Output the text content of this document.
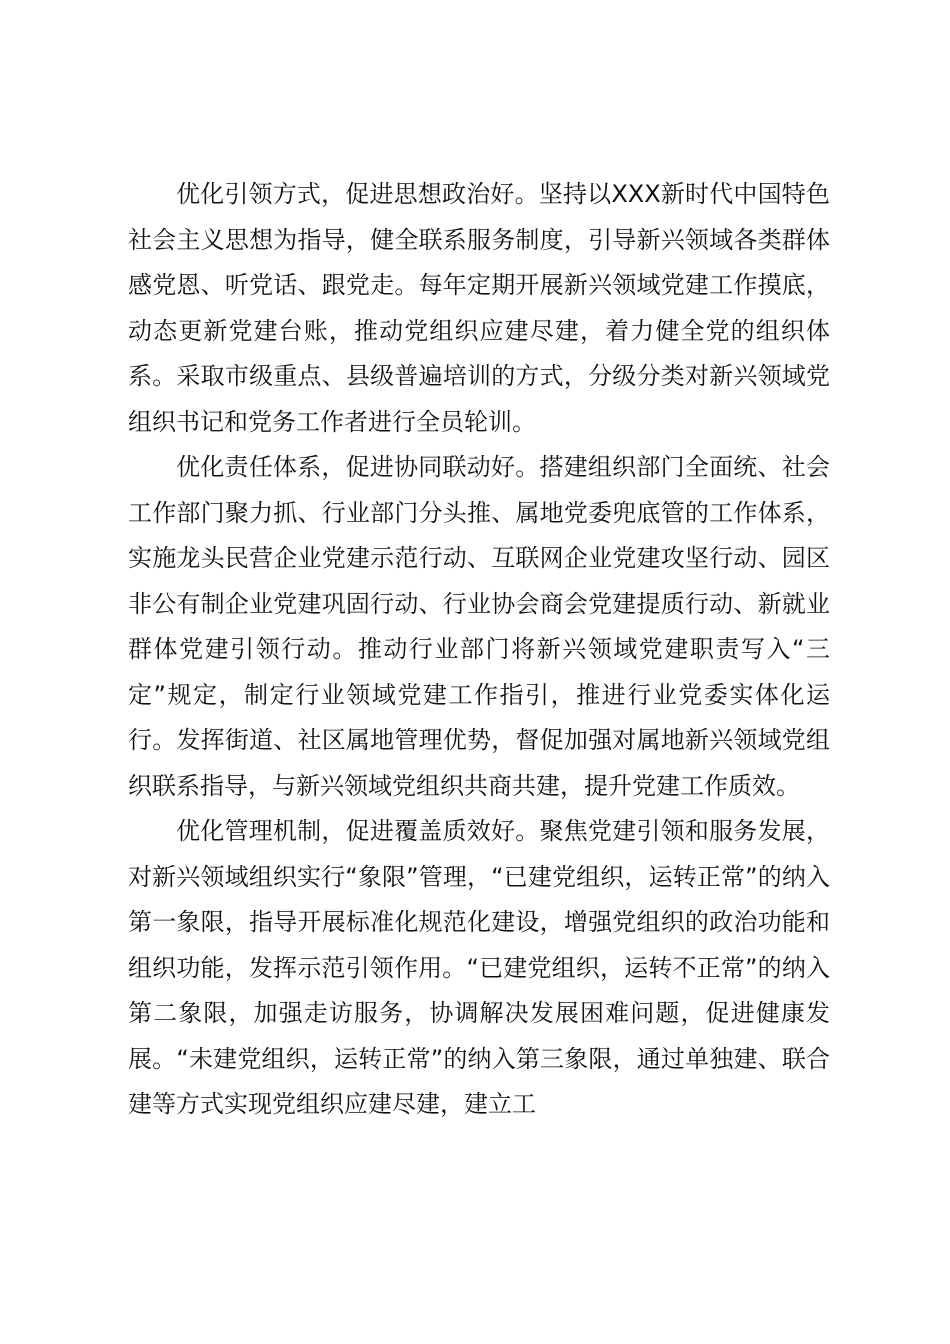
优化引领方式，促进思想政治好。坚持以XXX新时代中国特色社会主义思想为指导，健全联系服务制度，引导新兴领域各类群体感党恩、听党话、跟党走。每年定期开展新兴领域党建工作摸底，动态更新党建台账，推动党组织应建尽建，着力健全党的组织体系。采取市级重点、县级普遍培训的方式，分级分类对新兴领域党组织书记和党务工作者进行全员轮训。

优化责任体系，促进协同联动好。搭建组织部门全面统、社会工作部门聚力抓、行业部门分头推、属地党委兜底管的工作体系，实施龙头民营企业党建示范行动、互联网企业党建攻坚行动、园区非公有制企业党建巩固行动、行业协会商会党建提质行动、新就业群体党建引领行动。推动行业部门将新兴领域党建职责写入“三定”规定，制定行业领域党建工作指引，推进行业党委实体化运行。发挥街道、社区属地管理优势，督促加强对属地新兴领域党组织联系指导，与新兴领域党组织共商共建，提升党建工作质效。

优化管理机制，促进覆盖质效好。聚焦党建引领和服务发展，对新兴领域组织实行“象限”管理，“已建党组织，运转正常”的纳入第一象限，指导开展标准化规范化建设，增强党组织的政治功能和组织功能，发挥示范引领作用。“已建党组织，运转不正常”的纳入第二象限，加强走访服务，协调解决发展困难问题，促进健康发展。“未建党组织，运转正常”的纳入第三象限，通过单独建、联合建等方式实现党组织应建尽建，建立工
